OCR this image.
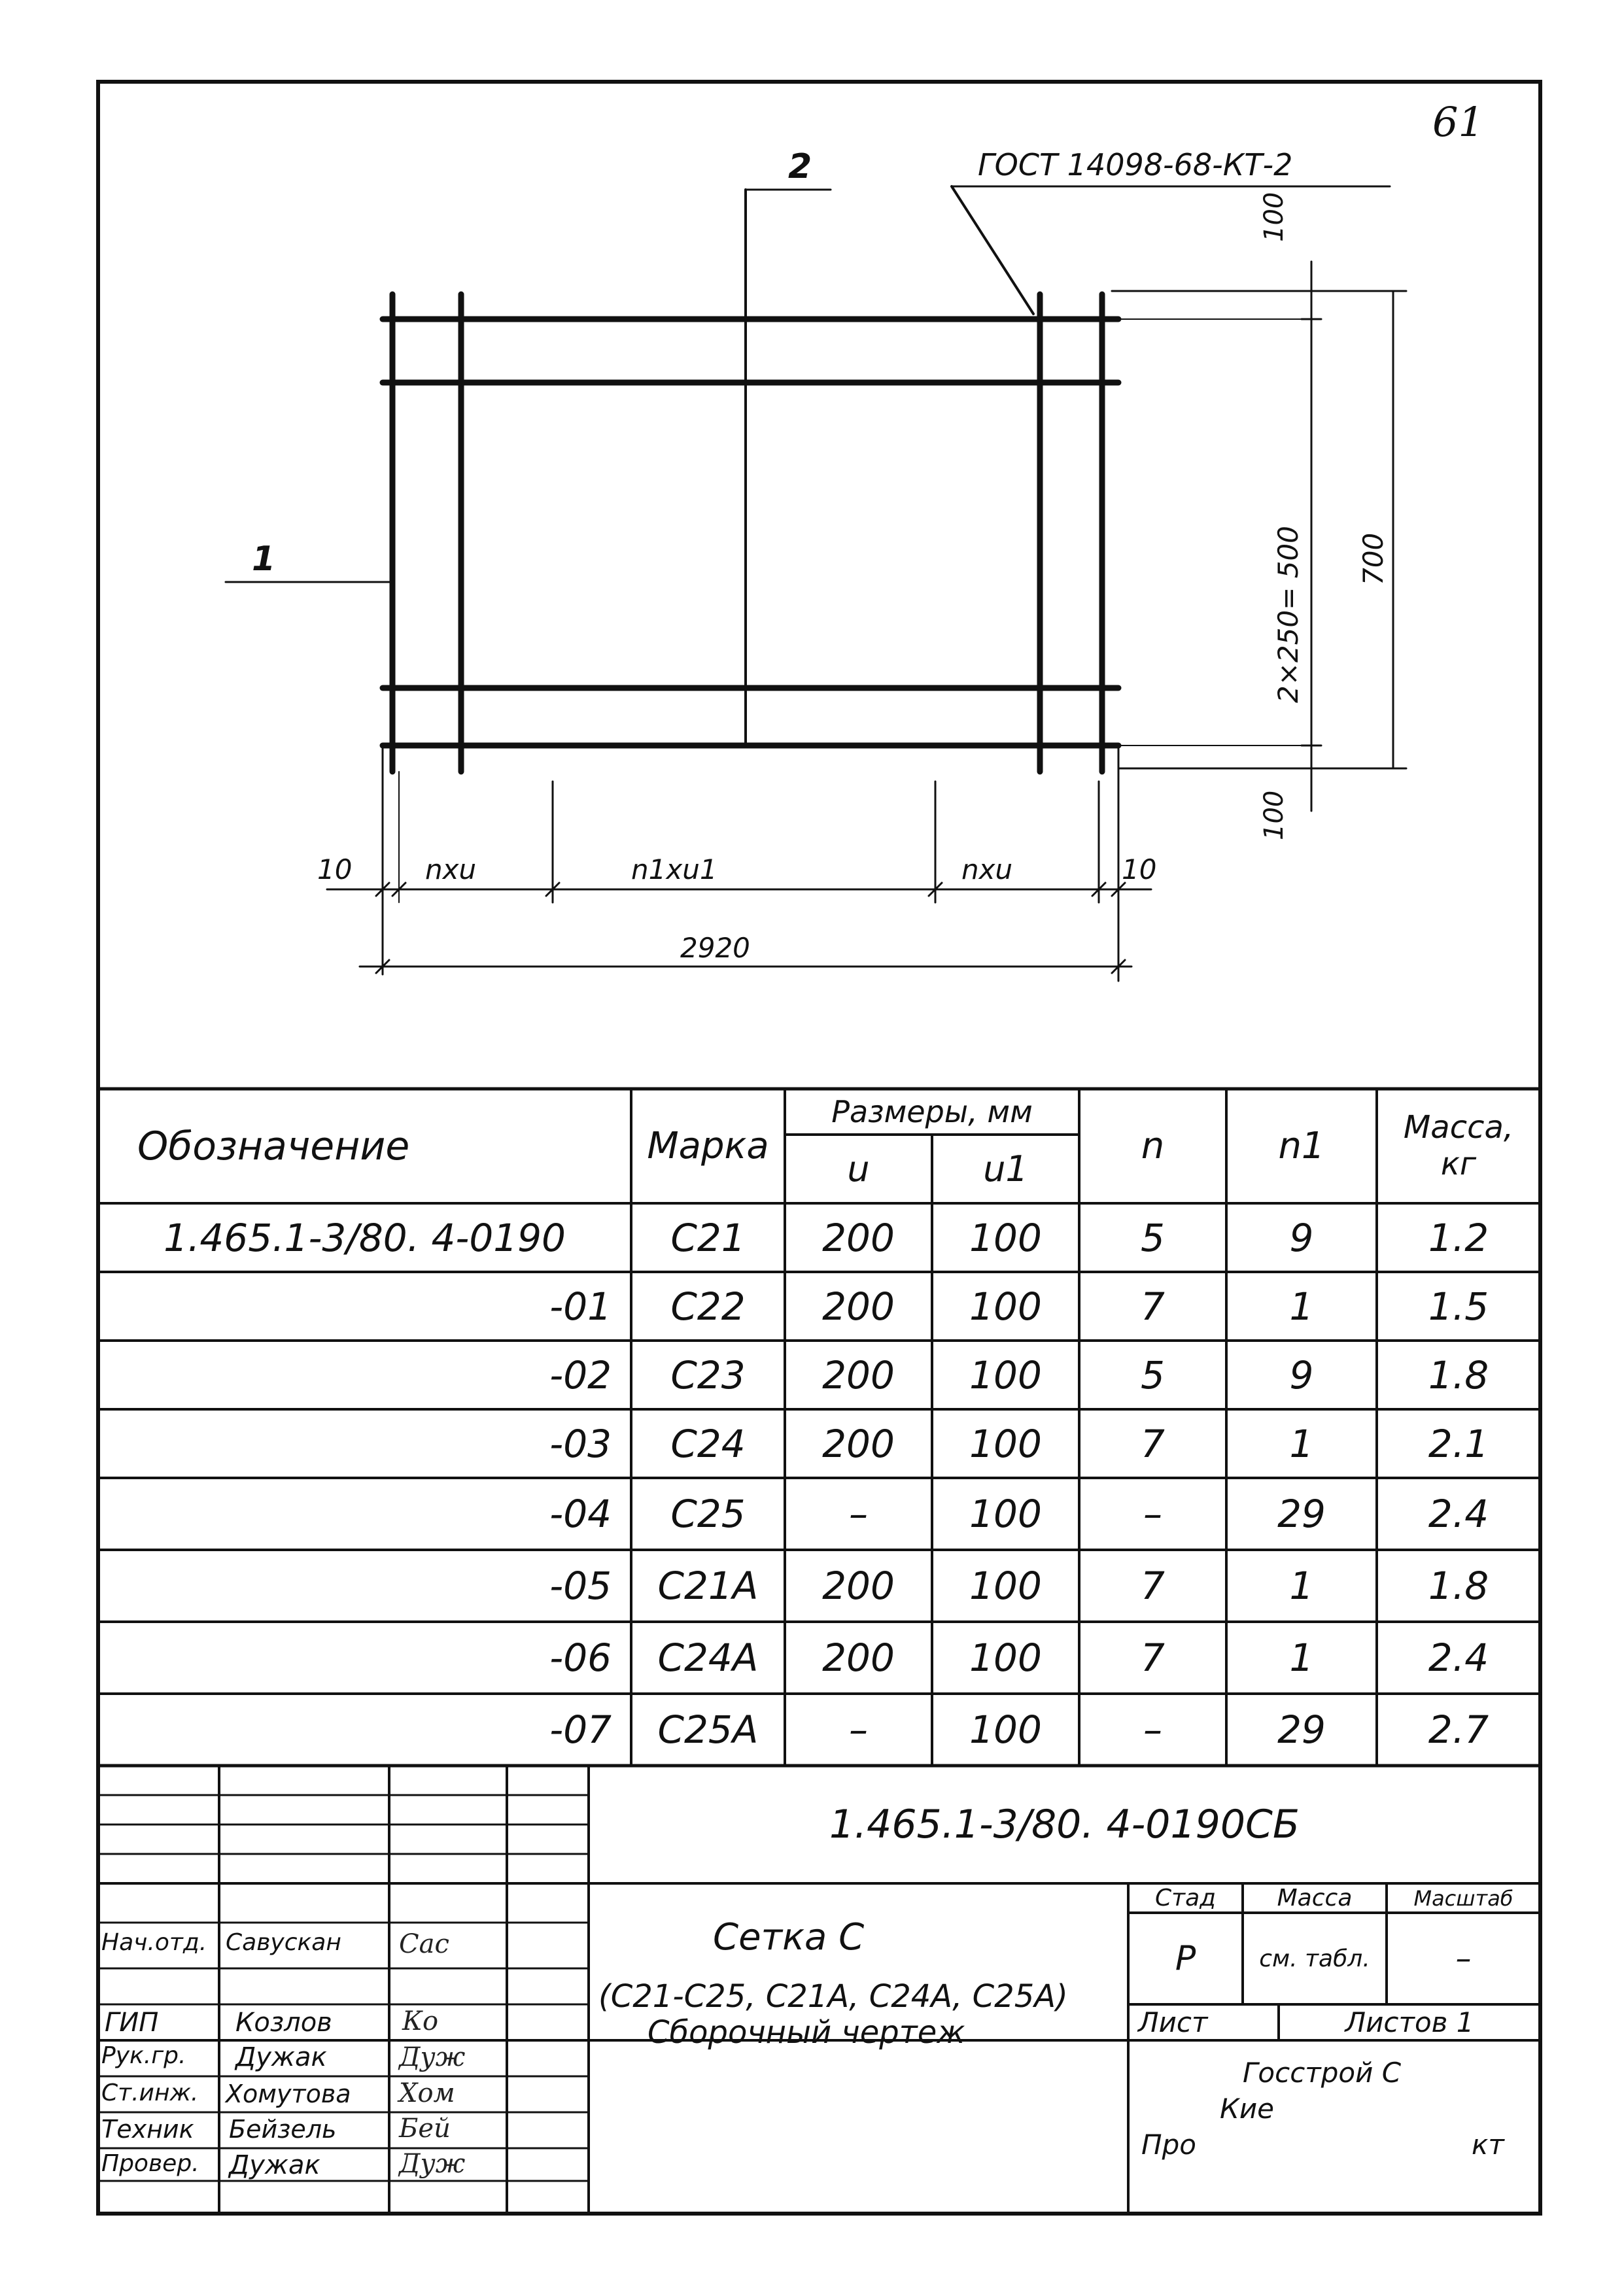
61
ГОСТ 14098-68-КТ-2
2
1
100
2×250= 500
100
700
10	nxu	n1xu1	nxu	10
2920
Обозначение	Марка
Размеры, мм
u	u1
n	n1	Масса, кг
1.465.1-3/80. 4-0190	С21	200	100	5	9	1.2
-01	С22	200	100	7	1	1.5
-02	С23	200	100	5	9	1.8
-03	С24	200	100	7	1	2.1
-04	С25	–	100	–	29	2.4
-05	С21А	200	100	7	1	1.8
-06	С24А	200	100	7	1	2.4
-07	С25А	–	100	–	29	2.7
1.465.1-3/80. 4-0190СБ
Сетка С
(С21-С25, С21А, С24А, С25А)
Сборочный чертеж
Стад	Масса	Масштаб
Р	см. табл.	–
Лист	Листов 1
Госстрой С
Кие
Про	кт
Нач.отд. Савускан Сас
ГИП	Козлов	Ко
Рук.гр. Дужак	Дуж
Ст.инж. Хомутова Хом
Техник Бейзель Бей
Провер. Дужак	Дуж
